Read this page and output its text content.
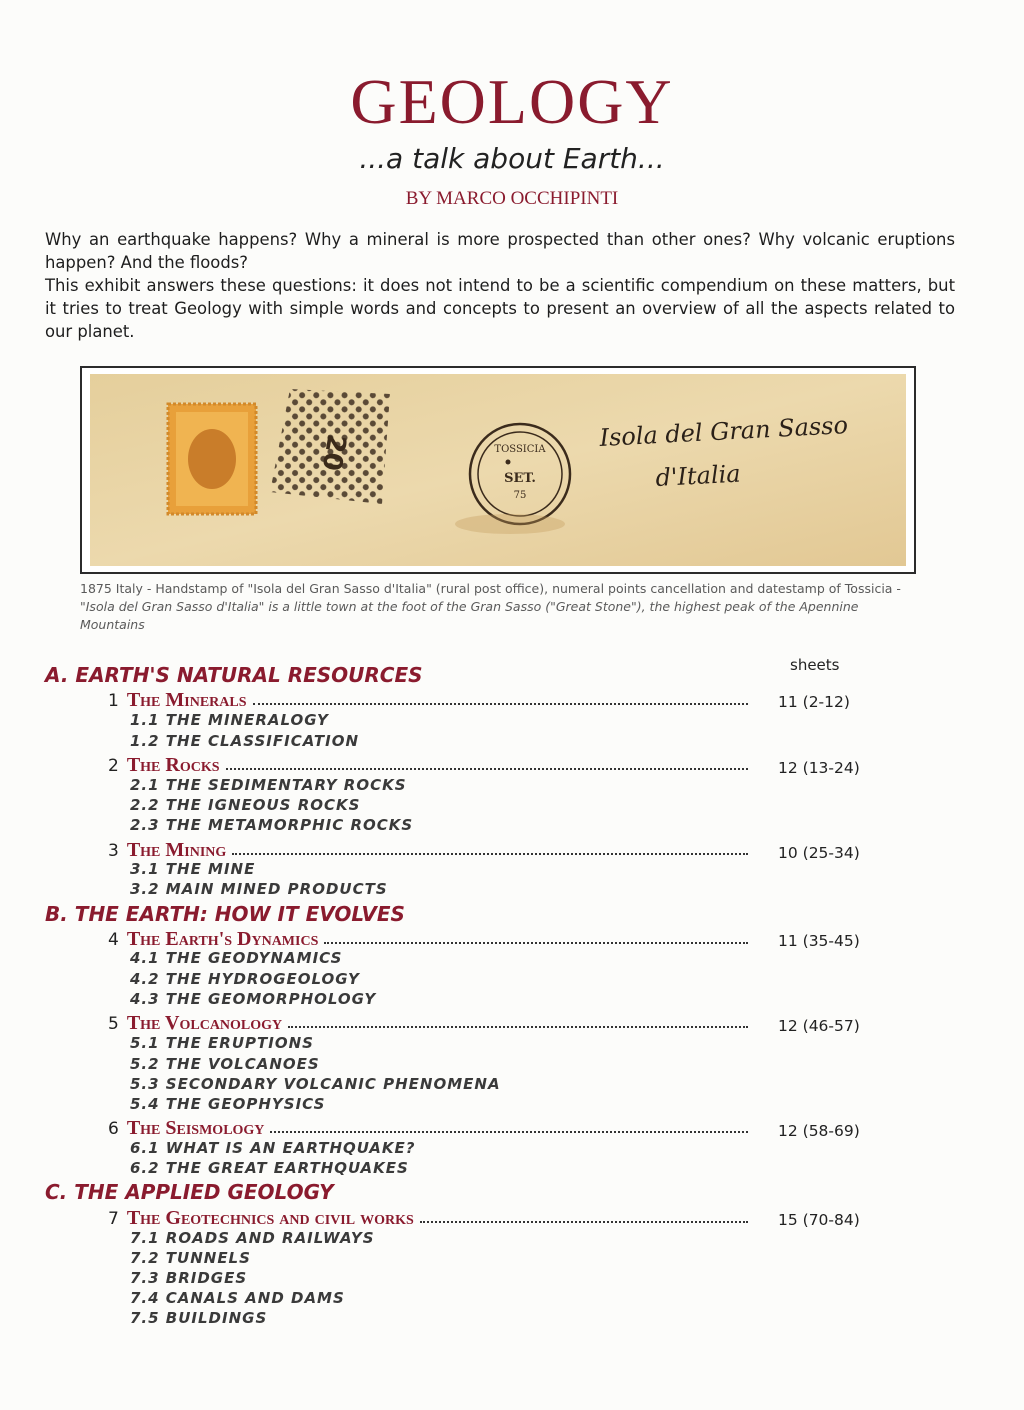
GEOLOGY
...a talk about Earth...
BY MARCO OCCHIPINTI

Why an earthquake happens? Why a mineral is more prospected than other ones? Why volcanic eruptions happen? And the floods?

This exhibit answers these questions: it does not intend to be a scientific compendium on these matters, but it tries to treat Geology with simple words and concepts to present an overview of all the aspects related to our planet.

20	TOSSICIA
SET.
75
Isola del Gran Sasso
d'Italia
1875 Italy - Handstamp of "Isola del Gran Sasso d'Italia" (rural post office), numeral points cancellation and datestamp of Tossicia - "Isola del Gran Sasso d'Italia" is a little town at the foot of the Gran Sasso ("Great Stone"), the highest peak of the Apennine Mountains
sheets
A. EARTH'S NATURAL RESOURCES
1 The Minerals	11 (2-12)
1.1 THE MINERALOGY
1.2 THE CLASSIFICATION
2 The Rocks	12 (13-24)
2.1 THE SEDIMENTARY ROCKS
2.2 THE IGNEOUS ROCKS
2.3 THE METAMORPHIC ROCKS
3 The Mining	10 (25-34)
3.1 THE MINE
3.2 MAIN MINED PRODUCTS
B. THE EARTH: HOW IT EVOLVES
4 The Earth's Dynamics	11 (35-45)
4.1 THE GEODYNAMICS
4.2 THE HYDROGEOLOGY
4.3 THE GEOMORPHOLOGY
5 The Volcanology	12 (46-57)
5.1 THE ERUPTIONS
5.2 THE VOLCANOES
5.3 SECONDARY VOLCANIC PHENOMENA
5.4 THE GEOPHYSICS
6 The Seismology	12 (58-69)
6.1 WHAT IS AN EARTHQUAKE?
6.2 THE GREAT EARTHQUAKES
C. THE APPLIED GEOLOGY
7 The Geotechnics and civil works	15 (70-84)
7.1 ROADS AND RAILWAYS
7.2 TUNNELS
7.3 BRIDGES
7.4 CANALS AND DAMS
7.5 BUILDINGS
